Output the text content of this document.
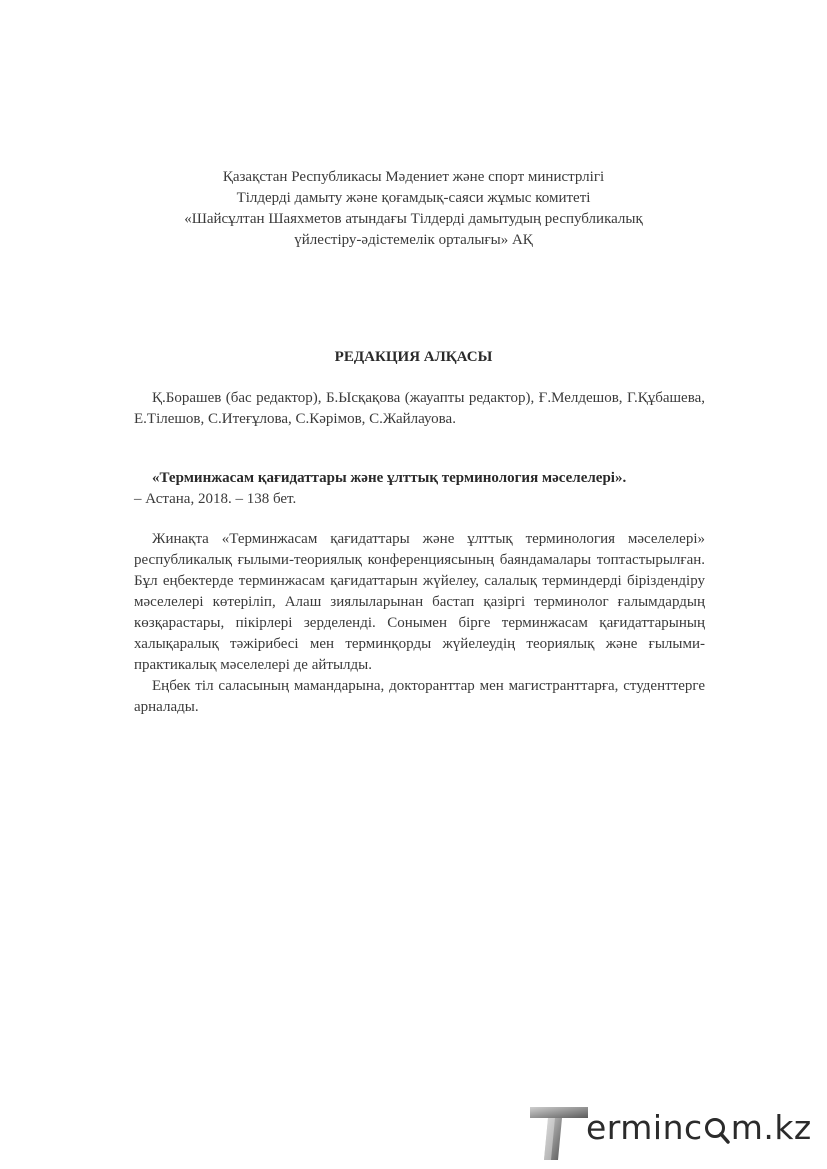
Қазақстан Республикасы Мәдениет және спорт министрлігі
Тілдерді дамыту және қоғамдық-саяси жұмыс комитеті
«Шайсұлтан Шаяхметов атындағы Тілдерді дамытудың республикалық
үйлестіру-әдістемелік орталығы» АҚ
РЕДАКЦИЯ АЛҚАСЫ

Қ.Борашев (бас редактор), Б.Ысқақова (жауапты редактор), Ғ.Мелдешов, Г.Құбашева, Е.Тілешов, С.Итеғұлова, С.Кәрімов, С.Жайлауова.

«Терминжасам қағидаттары және ұлттық терминология мәселелері».
– Астана, 2018. – 138 бет.

Жинақта «Терминжасам қағидаттары және ұлттық терминология мәселелері» республикалық ғылыми-теориялық конференциясының баяндамалары топтастырылған. Бұл еңбектерде терминжасам қағидаттарын жүйелеу, салалық терминдерді біріздендіру мәселелері көтеріліп, Алаш зиялыларынан бастап қазіргі терминолог ғалымдардың көзқарастары, пікірлері зерделенді. Сонымен бірге терминжасам қағидаттарының халықаралық тәжірибесі мен терминқорды жүйелеудің теориялық және ғылыми-практикалық мәселелері де айтылды.

Еңбек тіл саласының мамандарына, докторанттар мен магистранттарға, студенттерге арналады.

erminc m.kz
